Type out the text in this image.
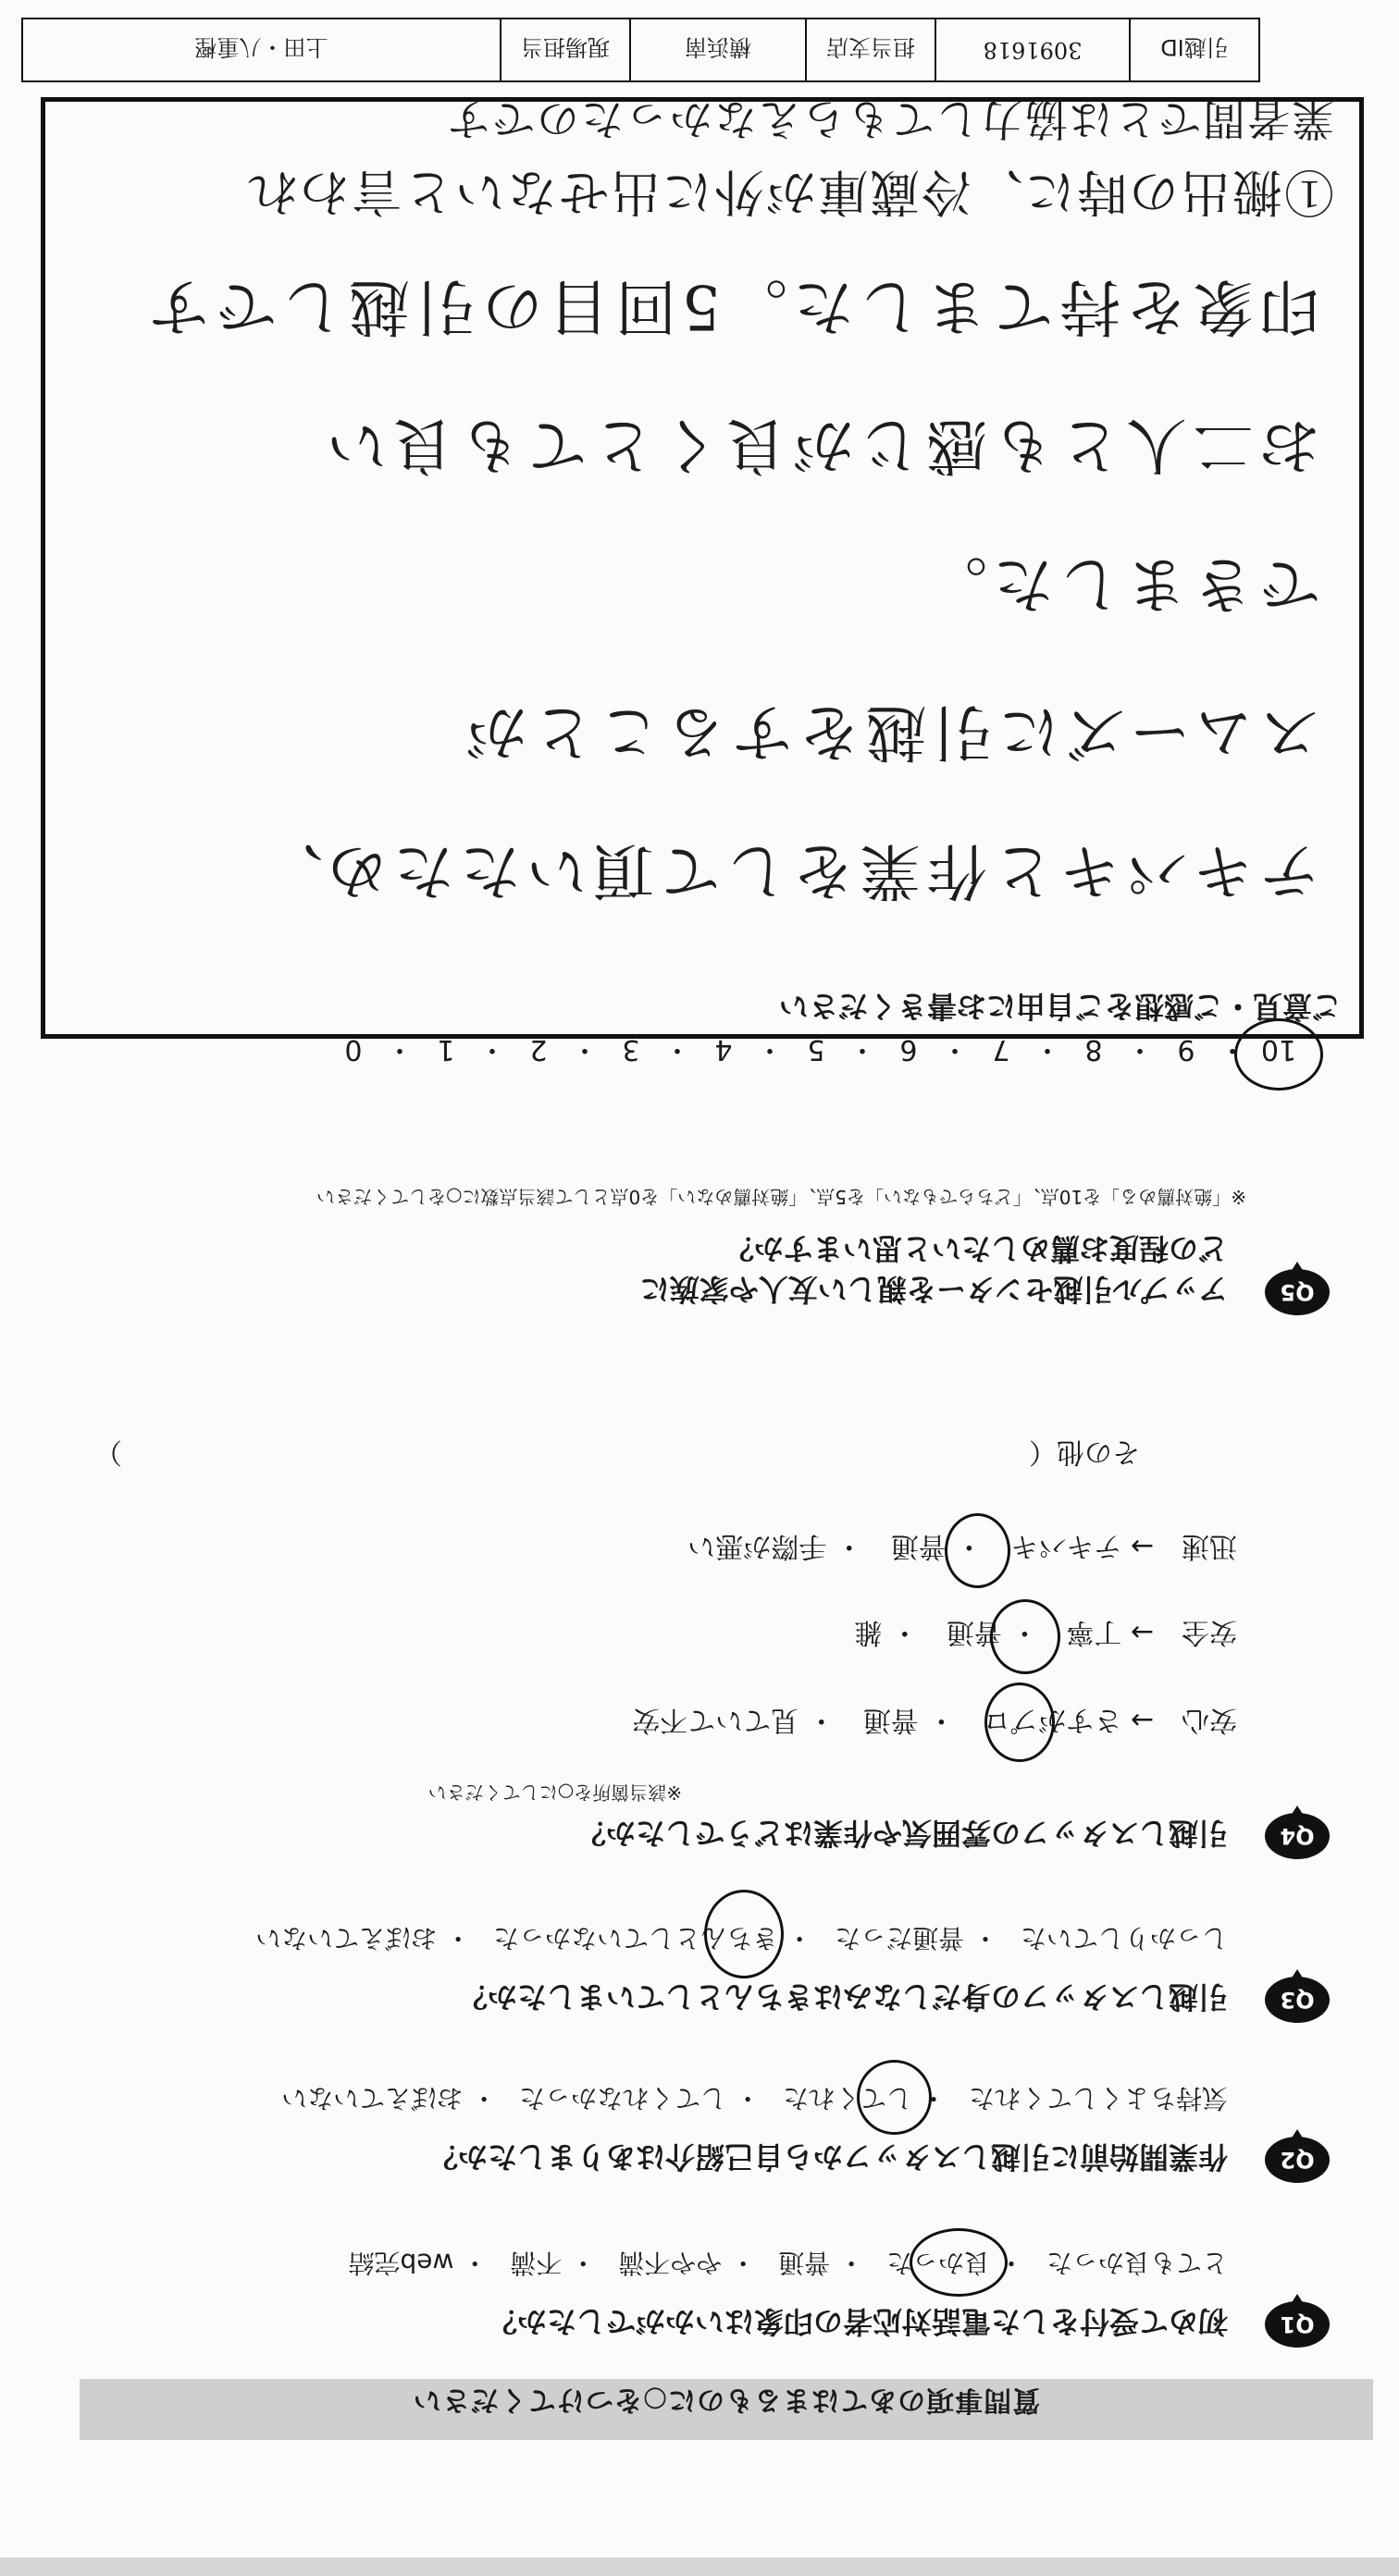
質問事項のあてはまるものに○をつけてください
Q1
初めて受付をした電話対応者の印象はいかがでしたか？
とても良かった・ 良かった・ 普通・ やや不満・ 不満・ web完結
Q2
作業開始前に引越しスタッフから自己紹介はありましたか？
気持ちよくしてくれた・ してくれた・ してくれなかった・ おぼえていない
Q3
引越しスタッフの身だしなみはきちんとしていましたか？
しっかりしていた・ 普通だった・ きちんとしていなかった・ おぼえていない
Q4
引越しスタッフの雰囲気や作業はどうでしたか？
※該当箇所を○にしてください
安心→ さすがプロ・ 普通・ 見ていて不安
安全→ 丁寧・ 普通・ 雑
迅速→ テキパキ・ 普通・ 手際が悪い
その他（
）
Q5
アップル引越センターを親しい友人や家族に
どの程度お薦めしたいと思いますか？
※「絶対薦める」を10点、「どちらでもない」を5点、「絶対薦めない」を0点として該当点数に○をしてください
10・9・8・7・6・5・4・3・2・1・0
ご意見・ご感想をご自由にお書きください
テキパキと作業をして頂いたため、
スムーズに引越をすることが
できました。
お二人とも感じが良くとても良い
印象を持てました。5回目の引越しです
①搬出の時に、冷蔵庫が外に出せないと言われ
業者間でとは協力してもらえなかったのです
引越ID
3091618
担当支店
横浜南
現場担当
上田・八重樫
